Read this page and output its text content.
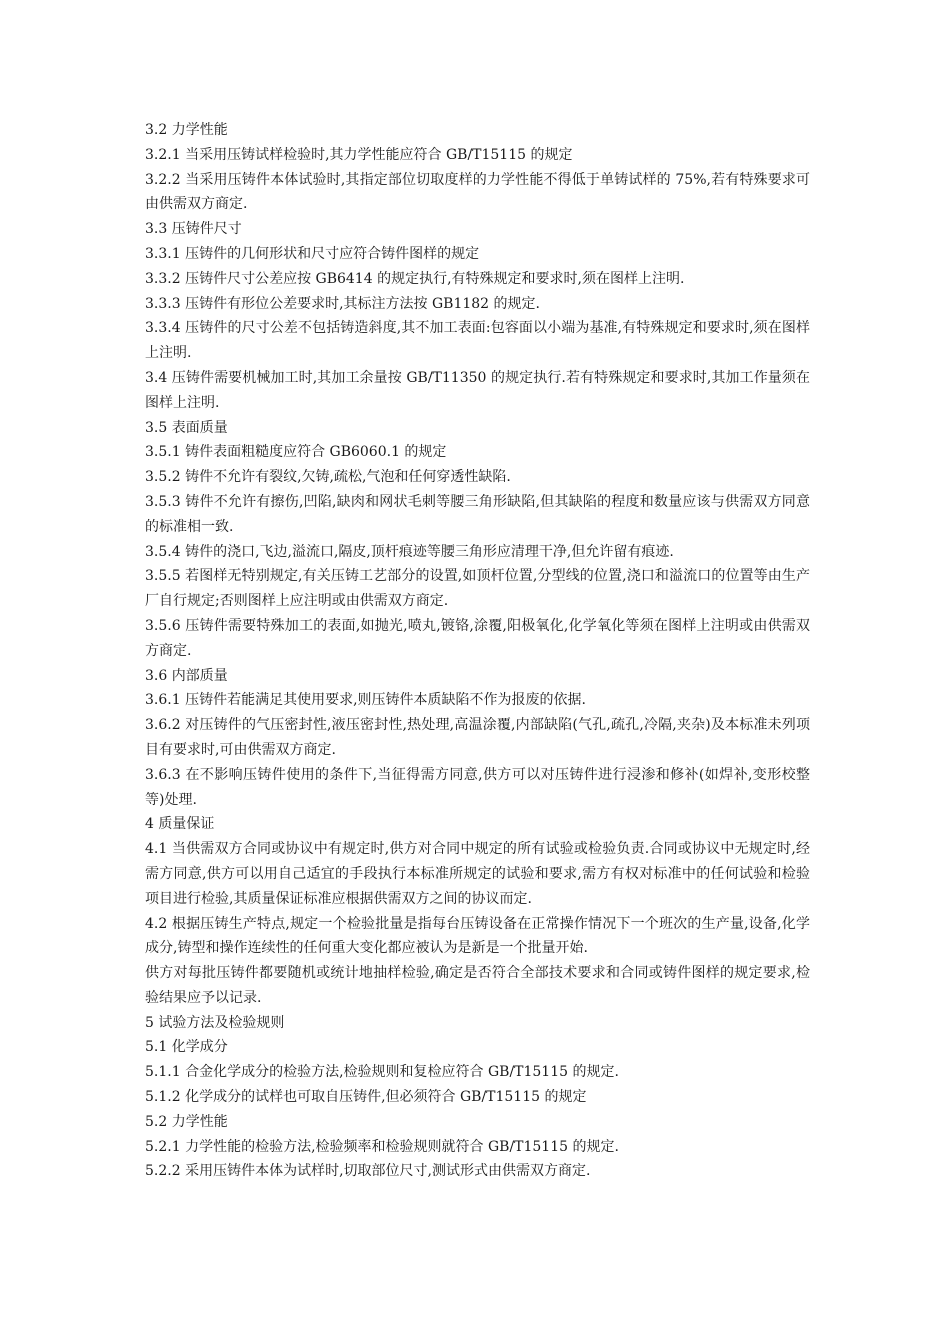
3.2 力学性能

3.2.1 当采用压铸试样检验时,其力学性能应符合 GB/T15115 的规定

3.2.2 当采用压铸件本体试验时,其指定部位切取度样的力学性能不得低于单铸试样的 75%,若有特殊要求可由供需双方商定.

3.3 压铸件尺寸

3.3.1 压铸件的几何形状和尺寸应符合铸件图样的规定

3.3.2 压铸件尺寸公差应按 GB6414 的规定执行,有特殊规定和要求时,须在图样上注明.

3.3.3 压铸件有形位公差要求时,其标注方法按 GB1182 的规定.

3.3.4 压铸件的尺寸公差不包括铸造斜度,其不加工表面:包容面以小端为基准,有特殊规定和要求时,须在图样上注明.

3.4 压铸件需要机械加工时,其加工余量按 GB/T11350 的规定执行.若有特殊规定和要求时,其加工作量须在图样上注明.

3.5 表面质量

3.5.1 铸件表面粗糙度应符合 GB6060.1 的规定

3.5.2 铸件不允许有裂纹,欠铸,疏松,气泡和任何穿透性缺陷.

3.5.3 铸件不允许有擦伤,凹陷,缺肉和网状毛刺等腰三角形缺陷,但其缺陷的程度和数量应该与供需双方同意的标准相一致.

3.5.4 铸件的浇口,飞边,溢流口,隔皮,顶杆痕迹等腰三角形应清理干净,但允许留有痕迹.

3.5.5 若图样无特别规定,有关压铸工艺部分的设置,如顶杆位置,分型线的位置,浇口和溢流口的位置等由生产厂自行规定;否则图样上应注明或由供需双方商定.

3.5.6 压铸件需要特殊加工的表面,如抛光,喷丸,镀铬,涂覆,阳极氧化,化学氧化等须在图样上注明或由供需双方商定.

3.6 内部质量

3.6.1 压铸件若能满足其使用要求,则压铸件本质缺陷不作为报废的依据.

3.6.2 对压铸件的气压密封性,液压密封性,热处理,高温涂覆,内部缺陷(气孔,疏孔,冷隔,夹杂)及本标准未列项目有要求时,可由供需双方商定.

3.6.3 在不影响压铸件使用的条件下,当征得需方同意,供方可以对压铸件进行浸渗和修补(如焊补,变形校整等)处理.

4 质量保证

4.1 当供需双方合同或协议中有规定时,供方对合同中规定的所有试验或检验负责.合同或协议中无规定时,经需方同意,供方可以用自己适宜的手段执行本标准所规定的试验和要求,需方有权对标准中的任何试验和检验项目进行检验,其质量保证标准应根据供需双方之间的协议而定.

4.2 根据压铸生产特点,规定一个检验批量是指每台压铸设备在正常操作情况下一个班次的生产量,设备,化学成分,铸型和操作连续性的任何重大变化都应被认为是新是一个批量开始.

供方对每批压铸件都要随机或统计地抽样检验,确定是否符合全部技术要求和合同或铸件图样的规定要求,检验结果应予以记录.

5 试验方法及检验规则

5.1 化学成分

5.1.1 合金化学成分的检验方法,检验规则和复检应符合 GB/T15115 的规定.

5.1.2 化学成分的试样也可取自压铸件,但必须符合 GB/T15115 的规定

5.2 力学性能

5.2.1 力学性能的检验方法,检验频率和检验规则就符合 GB/T15115 的规定.

5.2.2 采用压铸件本体为试样时,切取部位尺寸,测试形式由供需双方商定.
